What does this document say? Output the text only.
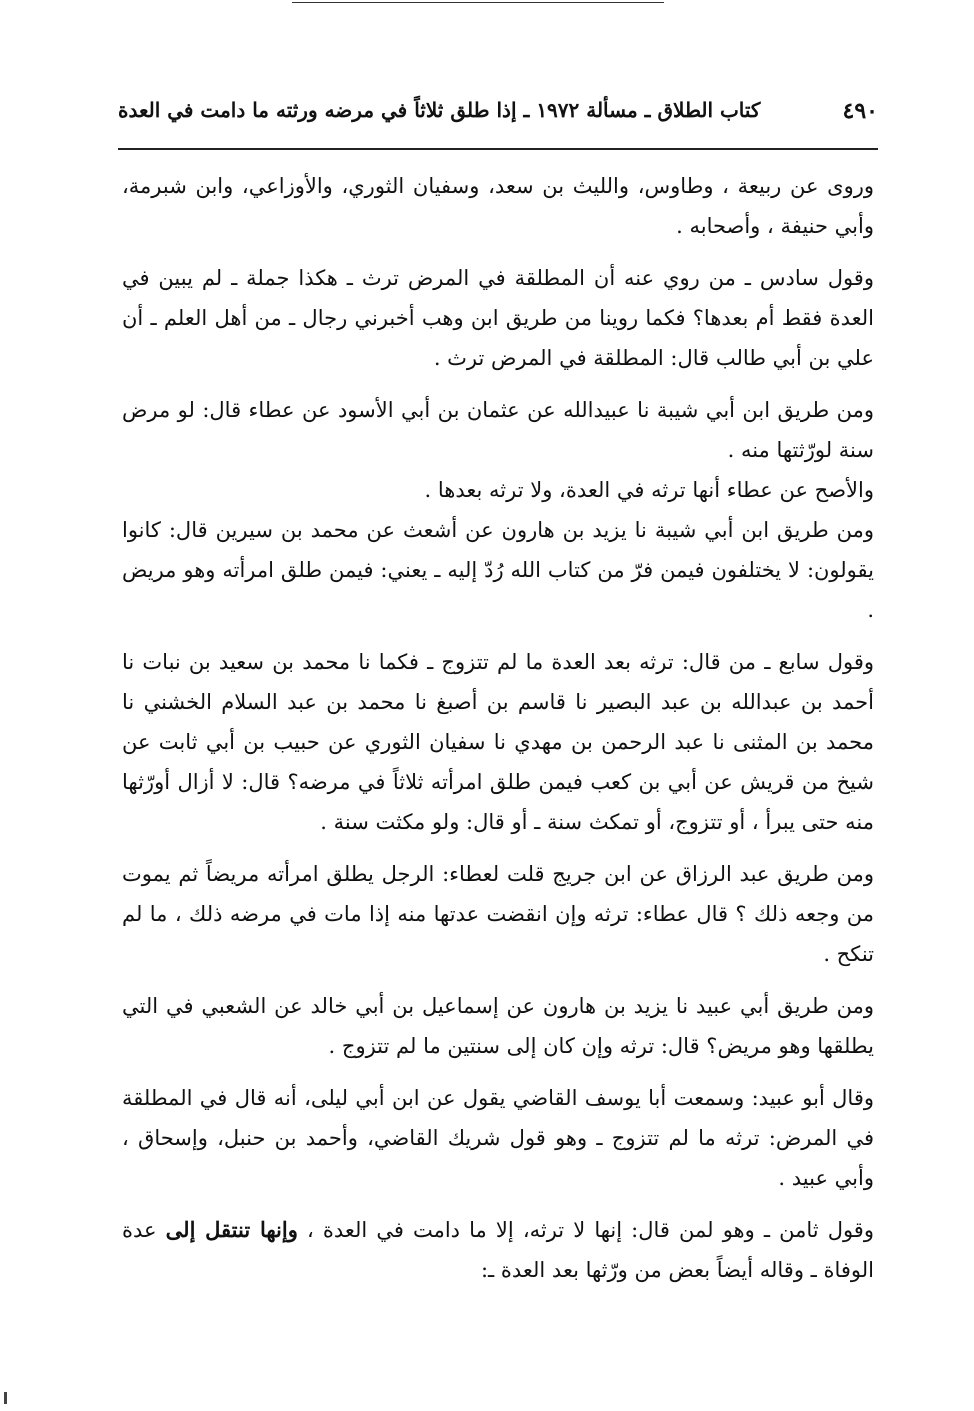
٤٩٠
كتاب الطلاق ـ مسألة ١٩٧٢ ـ إذا طلق ثلاثاً في مرضه ورثته ما دامت في العدة

وروى عن ربيعة ، وطاوس، والليث بن سعد، وسفيان الثوري، والأوزاعي، وابن شبرمة، وأبي حنيفة ، وأصحابه .

وقول سادس ـ من روي عنه أن المطلقة في المرض ترث ـ هكذا جملة ـ لم يبين في العدة فقط أم بعدها؟ فكما روينا من طريق ابن وهب أخبرني رجال ـ من أهل العلم ـ أن علي بن أبي طالب قال: المطلقة في المرض ترث .

ومن طريق ابن أبي شيبة نا عبيدالله عن عثمان بن أبي الأسود عن عطاء قال: لو مرض سنة لورّثتها منه .

والأصح عن عطاء أنها ترثه في العدة، ولا ترثه بعدها .

ومن طريق ابن أبي شيبة نا يزيد بن هارون عن أشعث عن محمد بن سيرين قال: كانوا يقولون: لا يختلفون فيمن فرّ من كتاب الله رُدّ إليه ـ يعني: فيمن طلق امرأته وهو مريض .

وقول سابع ـ من قال: ترثه بعد العدة ما لم تتزوج ـ فكما نا محمد بن سعيد بن نبات نا أحمد بن عبدالله بن عبد البصير نا قاسم بن أصبغ نا محمد بن عبد السلام الخشني نا محمد بن المثنى نا عبد الرحمن بن مهدي نا سفيان الثوري عن حبيب بن أبي ثابت عن شيخ من قريش عن أبي بن كعب فيمن طلق امرأته ثلاثاً في مرضه؟ قال: لا أزال أورّثها منه حتى يبرأ ، أو تتزوج، أو تمكث سنة ـ أو قال: ولو مكثت سنة .

ومن طريق عبد الرزاق عن ابن جريج قلت لعطاء: الرجل يطلق امرأته مريضاً ثم يموت من وجعه ذلك ؟ قال عطاء: ترثه وإن انقضت عدتها منه إذا مات في مرضه ذلك ، ما لم تنكح .

ومن طريق أبي عبيد نا يزيد بن هارون عن إسماعيل بن أبي خالد عن الشعبي في التي يطلقها وهو مريض؟ قال: ترثه وإن كان إلى سنتين ما لم تتزوج .

وقال أبو عبيد: وسمعت أبا يوسف القاضي يقول عن ابن أبي ليلى، أنه قال في المطلقة في المرض: ترثه ما لم تتزوج ـ وهو قول شريك القاضي، وأحمد بن حنبل، وإسحاق ، وأبي عبيد .

وقول ثامن ـ وهو لمن قال: إنها لا ترثه، إلا ما دامت في العدة ، وإنها تنتقل إلى عدة الوفاة ـ وقاله أيضاً بعض من ورّثها بعد العدة ـ:
